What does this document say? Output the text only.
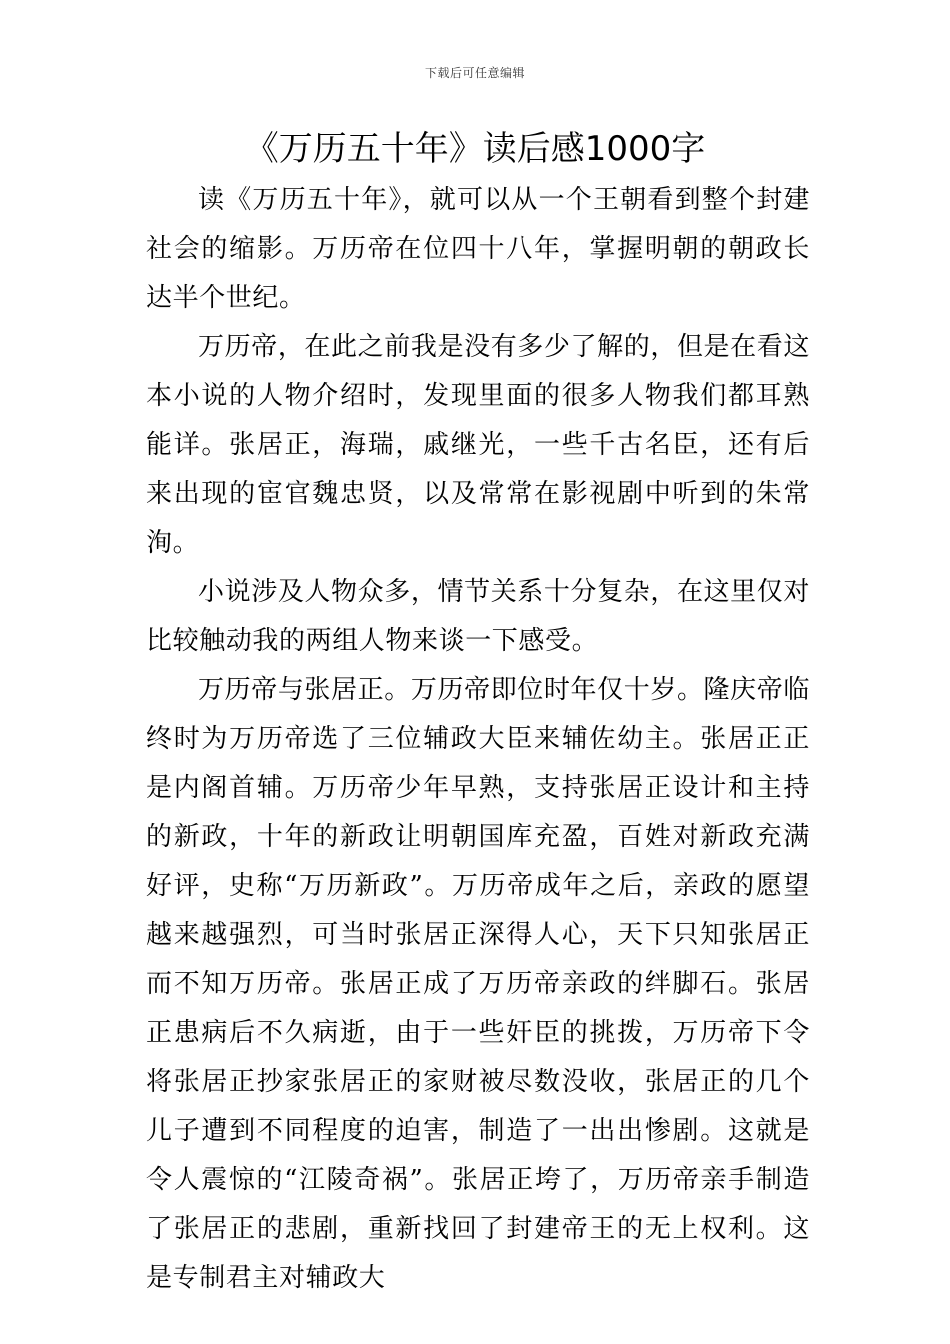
下载后可任意编辑
《万历五十年》读后感1000字

读《万历五十年》，就可以从一个王朝看到整个封建社会的缩影。万历帝在位四十八年，掌握明朝的朝政长达半个世纪。

万历帝，在此之前我是没有多少了解的，但是在看这本小说的人物介绍时，发现里面的很多人物我们都耳熟能详。张居正，海瑞，戚继光，一些千古名臣，还有后来出现的宦官魏忠贤，以及常常在影视剧中听到的朱常洵。

小说涉及人物众多，情节关系十分复杂，在这里仅对比较触动我的两组人物来谈一下感受。

万历帝与张居正。万历帝即位时年仅十岁。隆庆帝临终时为万历帝选了三位辅政大臣来辅佐幼主。张居正正是内阁首辅。万历帝少年早熟，支持张居正设计和主持的新政，十年的新政让明朝国库充盈，百姓对新政充满好评，史称“万历新政”。万历帝成年之后，亲政的愿望越来越强烈，可当时张居正深得人心，天下只知张居正而不知万历帝。张居正成了万历帝亲政的绊脚石。张居正患病后不久病逝，由于一些奸臣的挑拨，万历帝下令将张居正抄家张居正的家财被尽数没收，张居正的几个儿子遭到不同程度的迫害，制造了一出出惨剧。这就是令人震惊的“江陵奇祸”。张居正垮了，万历帝亲手制造了张居正的悲剧，重新找回了封建帝王的无上权利。这是专制君主对辅政大
